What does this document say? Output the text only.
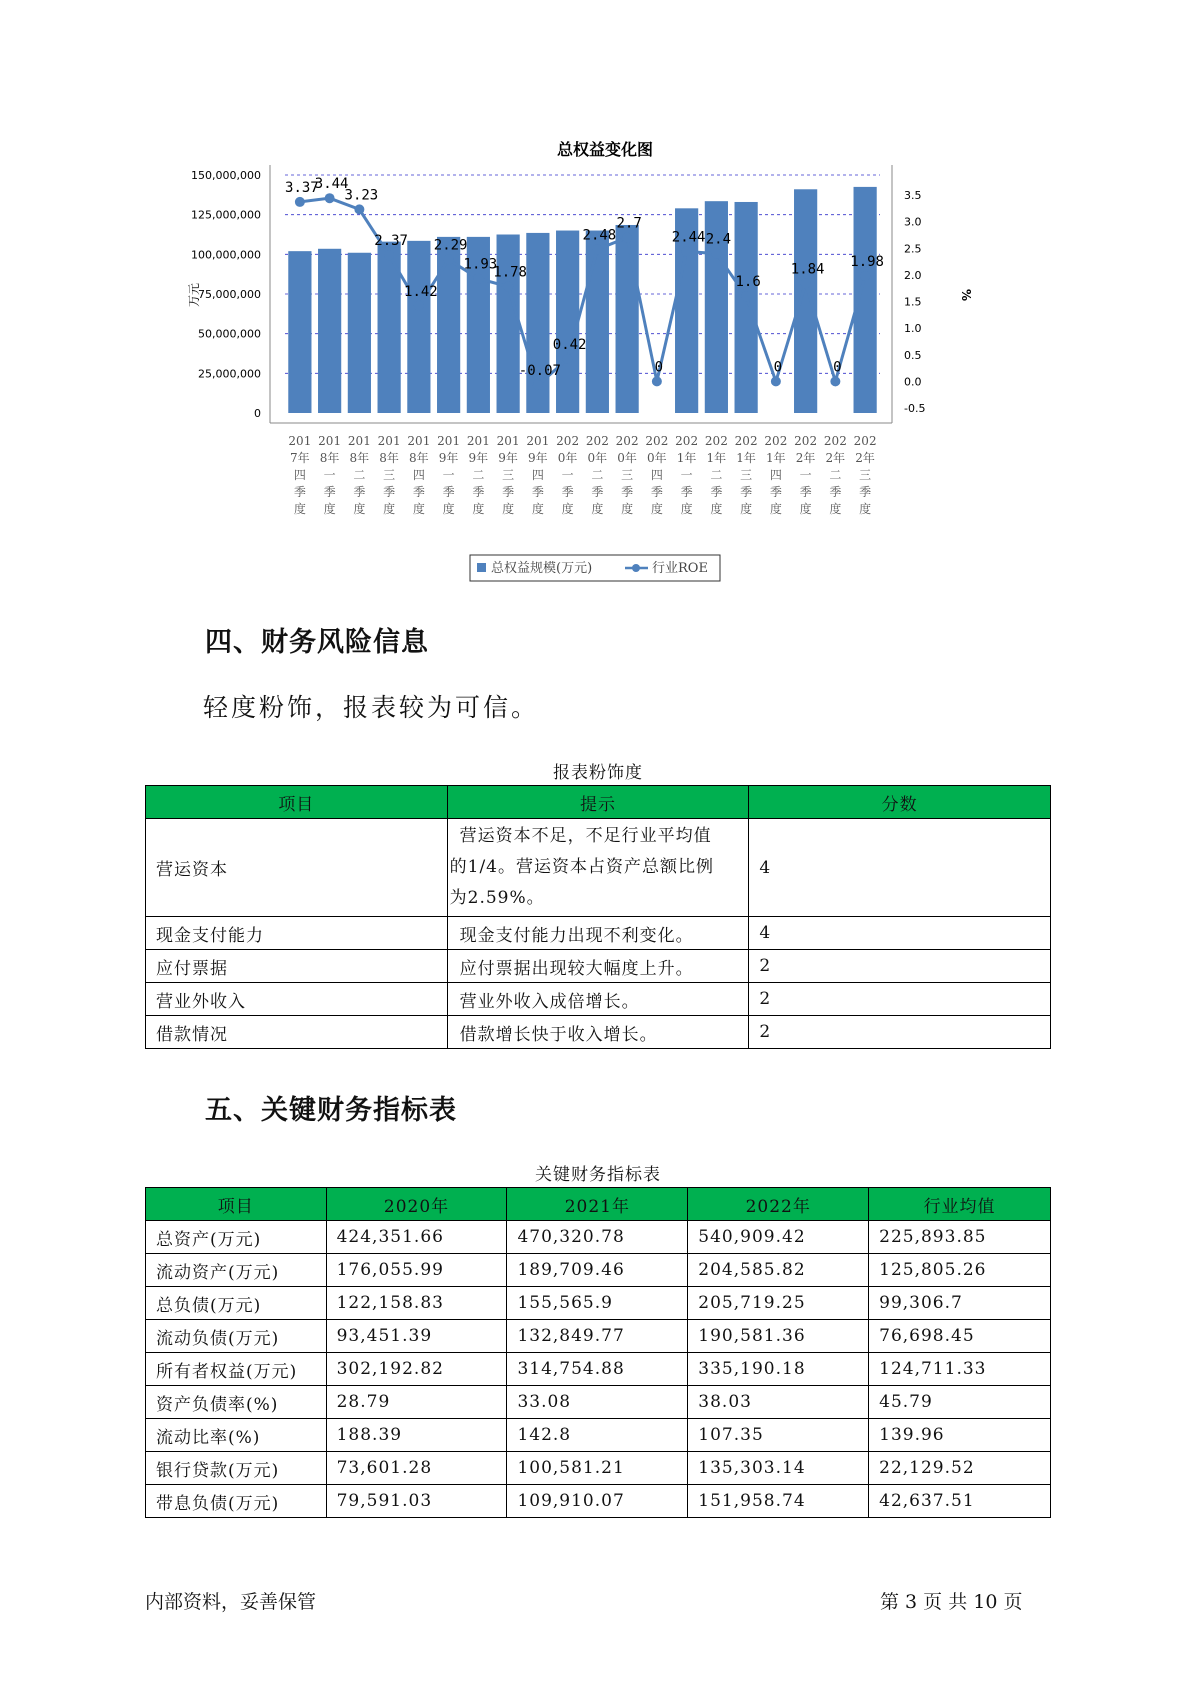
总权益变化图
0
25,000,000
50,000,000
75,000,000
100,000,000
125,000,000
150,000,000
-0.5
0.0
0.5
1.0
1.5
2.0
2.5
3.0
3.5
万元	%
3.37
3.44
3.23
2.37
1.42
2.29
1.93
1.78
-0.07
0.42
2.48
2.7
0
2.44 2.4
1.6
0
1.84
0
1.98
201
7年
四
季
度
201
8年
一
季
度
201
8年
二
季
度
201
8年
三
季
度
201
8年
四
季
度
201
9年
一
季
度
201
9年
二
季
度
201
9年
三
季
度
201
9年
四
季
度
202
0年
一
季
度
202
0年
二
季
度
202
0年
三
季
度
202
0年
四
季
度
202
1年
一
季
度
202
1年
二
季
度
202
1年
三
季
度
202
1年
四
季
度
202
2年
一
季
度
202
2年
二
季
度
202
2年
三
季
度
总权益规模(万元)	行业ROE
四、财务风险信息

轻度粉饰，报表较为可信。

报表粉饰度
项目	提示	分数
营运资本	营运资本不足，不足行业平均值
的1/4。营运资本占资产总额比例
为2.59%。	4
现金支付能力	现金支付能力出现不利变化。	4
应付票据	应付票据出现较大幅度上升。	2
营业外收入	营业外收入成倍增长。	2
借款情况	借款增长快于收入增长。	2
五、关键财务指标表
关键财务指标表
项目	2020年	2021年	2022年	行业均值
总资产(万元)	424,351.66	470,320.78	540,909.42	225,893.85
流动资产(万元)	176,055.99	189,709.46	204,585.82	125,805.26
总负债(万元)	122,158.83	155,565.9	205,719.25	99,306.7
流动负债(万元)	93,451.39	132,849.77	190,581.36	76,698.45
所有者权益(万元)	302,192.82	314,754.88	335,190.18	124,711.33
资产负债率(%)	28.79	33.08	38.03	45.79
流动比率(%)	188.39	142.8	107.35	139.96
银行贷款(万元)	73,601.28	100,581.21	135,303.14	22,129.52
带息负债(万元)	79,591.03	109,910.07	151,958.74	42,637.51
内部资料，妥善保管	第 3 页 共 10 页
